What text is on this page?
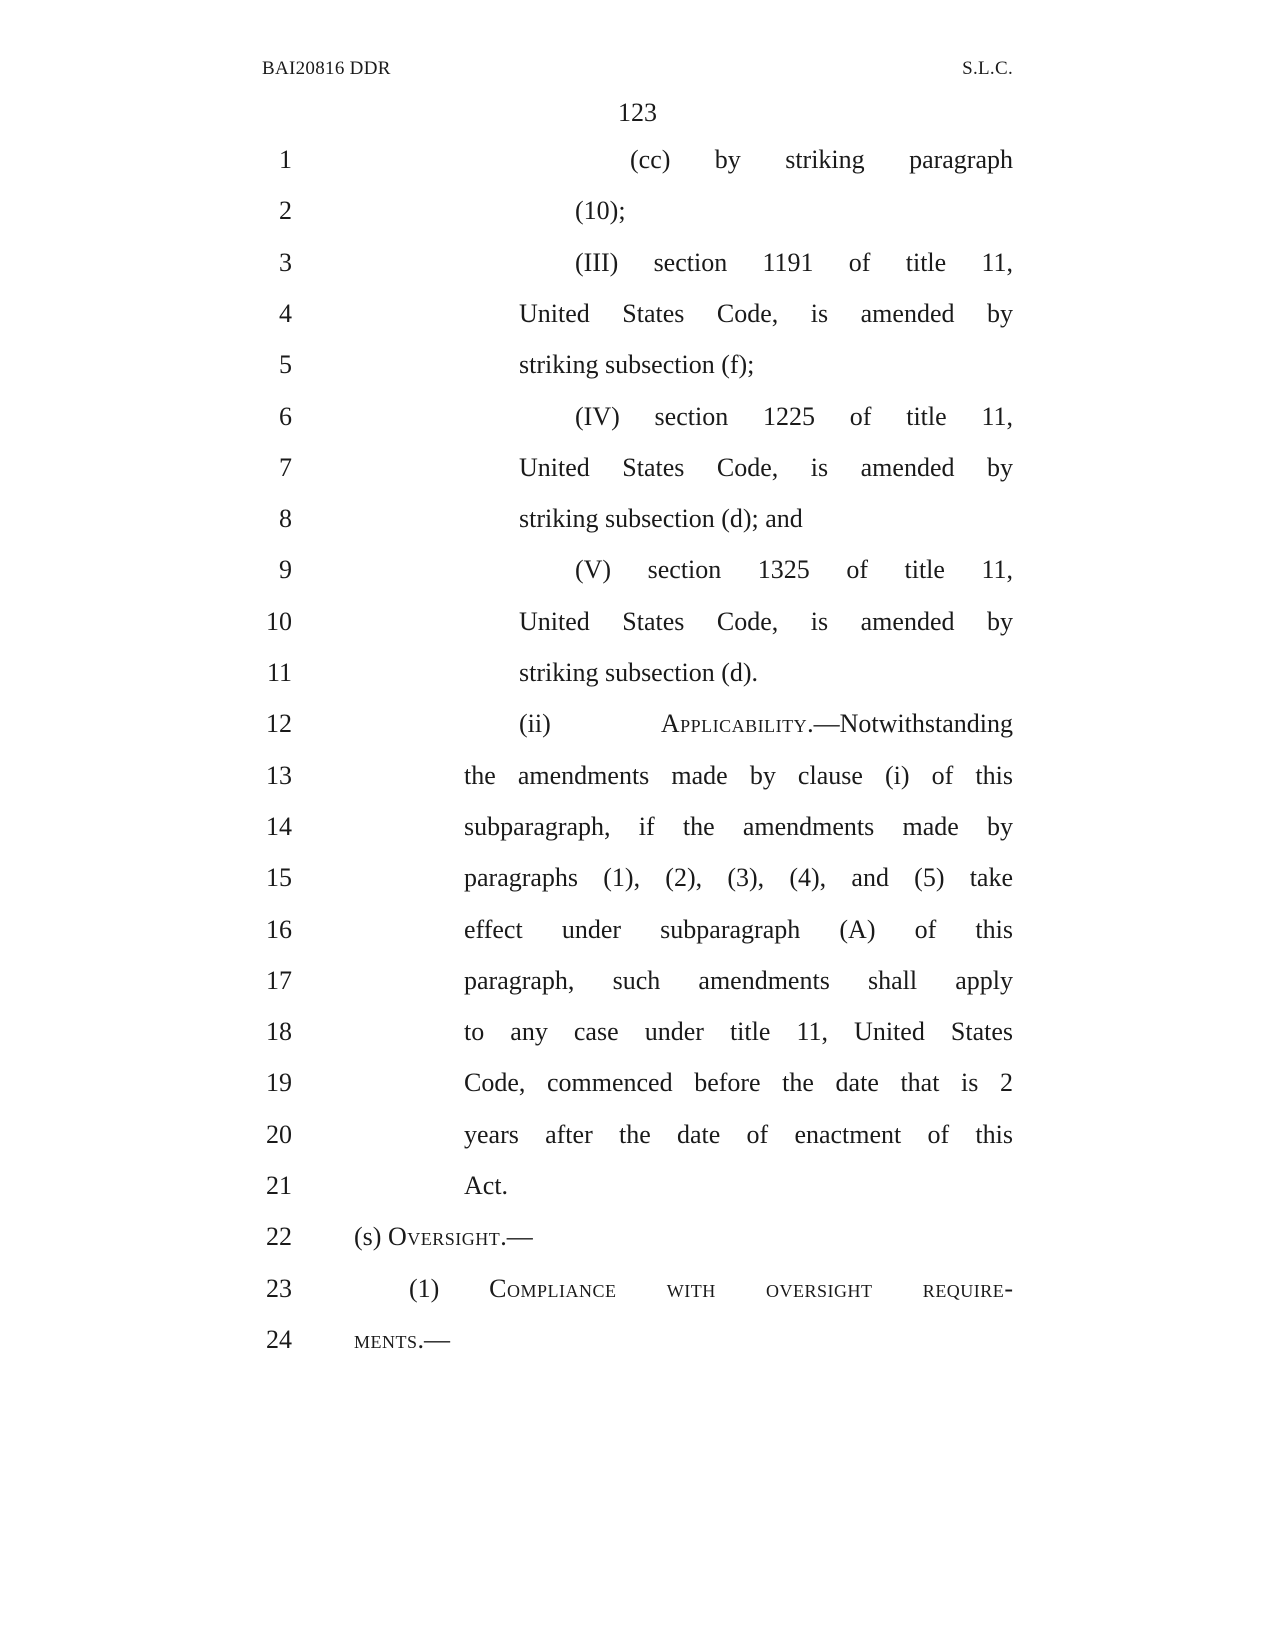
BAI20816 DDR	S.L.C.
123
1	(cc) by striking paragraph
2	(10);
3	(III) section 1191 of title 11,
4	United States Code, is amended by
5	striking subsection (f);
6	(IV) section 1225 of title 11,
7	United States Code, is amended by
8	striking subsection (d); and
9	(V) section 1325 of title 11,
10	United States Code, is amended by
11	striking subsection (d).
12	(ii) Applicability.—Notwithstanding
13	the amendments made by clause (i) of this
14	subparagraph, if the amendments made by
15	paragraphs (1), (2), (3), (4), and (5) take
16	effect under subparagraph (A) of this
17	paragraph, such amendments shall apply
18	to any case under title 11, United States
19	Code, commenced before the date that is 2
20	years after the date of enactment of this
21	Act.
22 (s) Oversight.—
23	(1) Compliance with oversight require-
24 ments.—
